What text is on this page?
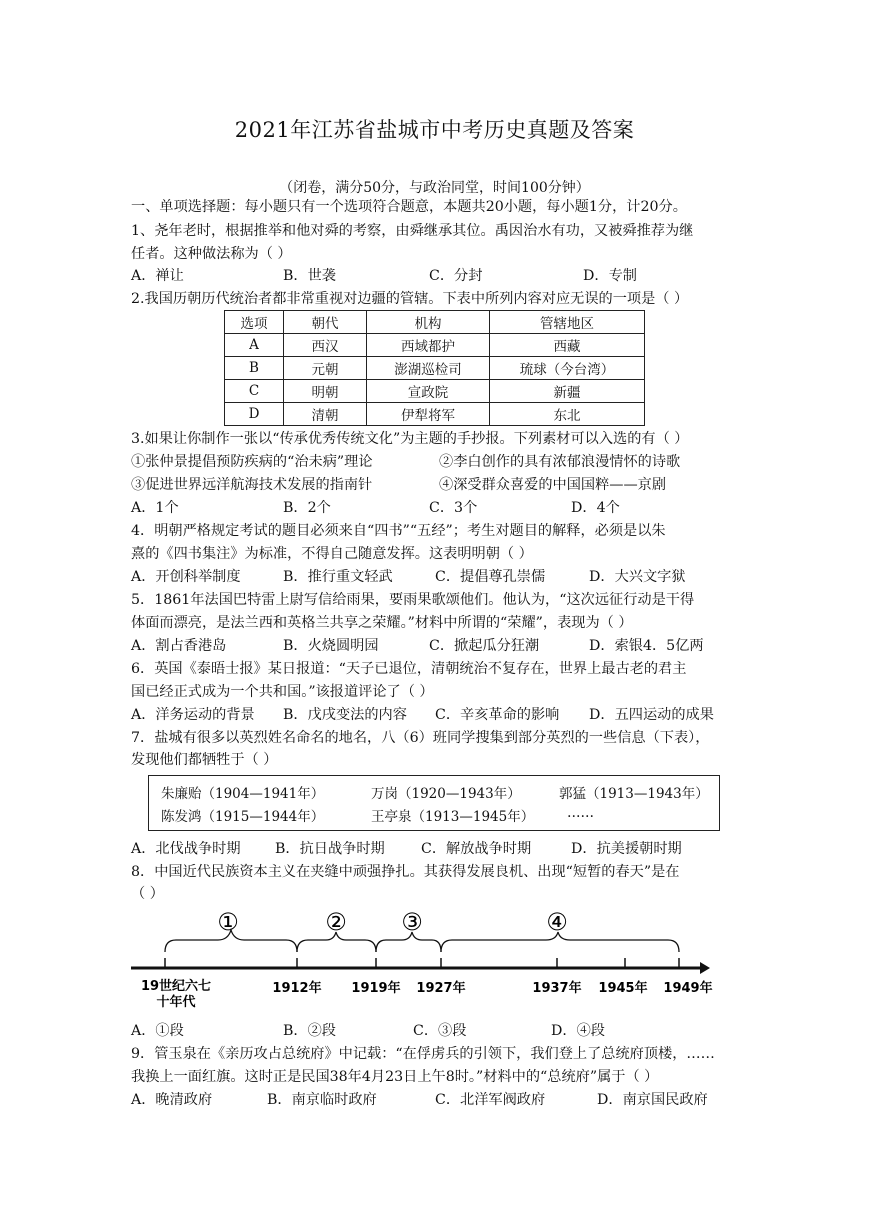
2021年江苏省盐城市中考历史真题及答案
（闭卷，满分50分，与政治同堂，时间100分钟）
一、单项选择题：每小题只有一个选项符合题意，本题共20小题，每小题1分，计20分。
1、尧年老时，根据推举和他对舜的考察，由舜继承其位。禹因治水有功，又被舜推荐为继
任者。这种做法称为（ ）
A．禅让	B．世袭	C．分封	D．专制
2.我国历朝历代统治者都非常重视对边疆的管辖。下表中所列内容对应无误的一项是（ ）
选项	朝代	机构	管辖地区
A	西汉	西域都护	西藏
B	元朝	澎湖巡检司	琉球（今台湾）
C	明朝	宣政院	新疆
D	清朝	伊犁将军	东北
3.如果让你制作一张以“传承优秀传统文化”为主题的手抄报。下列素材可以入选的有（ ）
①张仲景提倡预防疾病的“治未病”理论	②李白创作的具有浓郁浪漫情怀的诗歌
③促进世界远洋航海技术发展的指南针	④深受群众喜爱的中国国粹——京剧
A．1个	B．2个	C．3个	D．4个
4．明朝严格规定考试的题目必须来自“四书”“五经”；考生对题目的解释，必须是以朱
熹的《四书集注》为标准，不得自己随意发挥。这表明明朝（ ）
A．开创科举制度	B．推行重文轻武	C．提倡尊孔崇儒	D．大兴文字狱
5．1861年法国巴特雷上尉写信给雨果，要雨果歌颂他们。他认为，“这次远征行动是干得
体面而漂亮，是法兰西和英格兰共享之荣耀。”材料中所谓的“荣耀”，表现为（ ）
A．割占香港岛	B．火烧圆明园	C．掀起瓜分狂潮	D．索银4．5亿两
6．英国《泰晤士报》某日报道：“天子已退位，清朝统治不复存在，世界上最古老的君主
国已经正式成为一个共和国。”该报道评论了（ ）
A．洋务运动的背景 B．戊戌变法的内容 C．辛亥革命的影响 D．五四运动的成果
7．盐城有很多以英烈姓名命名的地名，八（6）班同学搜集到部分英烈的一些信息（下表），
发现他们都牺牲于（ ）
朱廉贻（1904—1941年）	万岗（1920—1943年）	郭猛（1913—1943年）
陈发鸿（1915—1944年）	王亭泉（1913—1945年） ……
A．北伐战争时期 B．抗日战争时期	C．解放战争时期	D．抗美援朝时期
8．中国近代民族资本主义在夹缝中顽强挣扎。其获得发展良机、出现“短暂的春天”是在
（ ）
①	② ③	④
19世纪六七
十年代
1912年 1919年 1927年	1937年 1945年 1949年
A．①段	B．②段	C．③段	D．④段
9．管玉泉在《亲历攻占总统府》中记载：“在俘虏兵的引领下，我们登上了总统府顶楼，……
我换上一面红旗。这时正是民国38年4月23日上午8时。”材料中的“总统府”属于（ ）
A．晚清政府	B．南京临时政府	C．北洋军阀政府	D．南京国民政府
